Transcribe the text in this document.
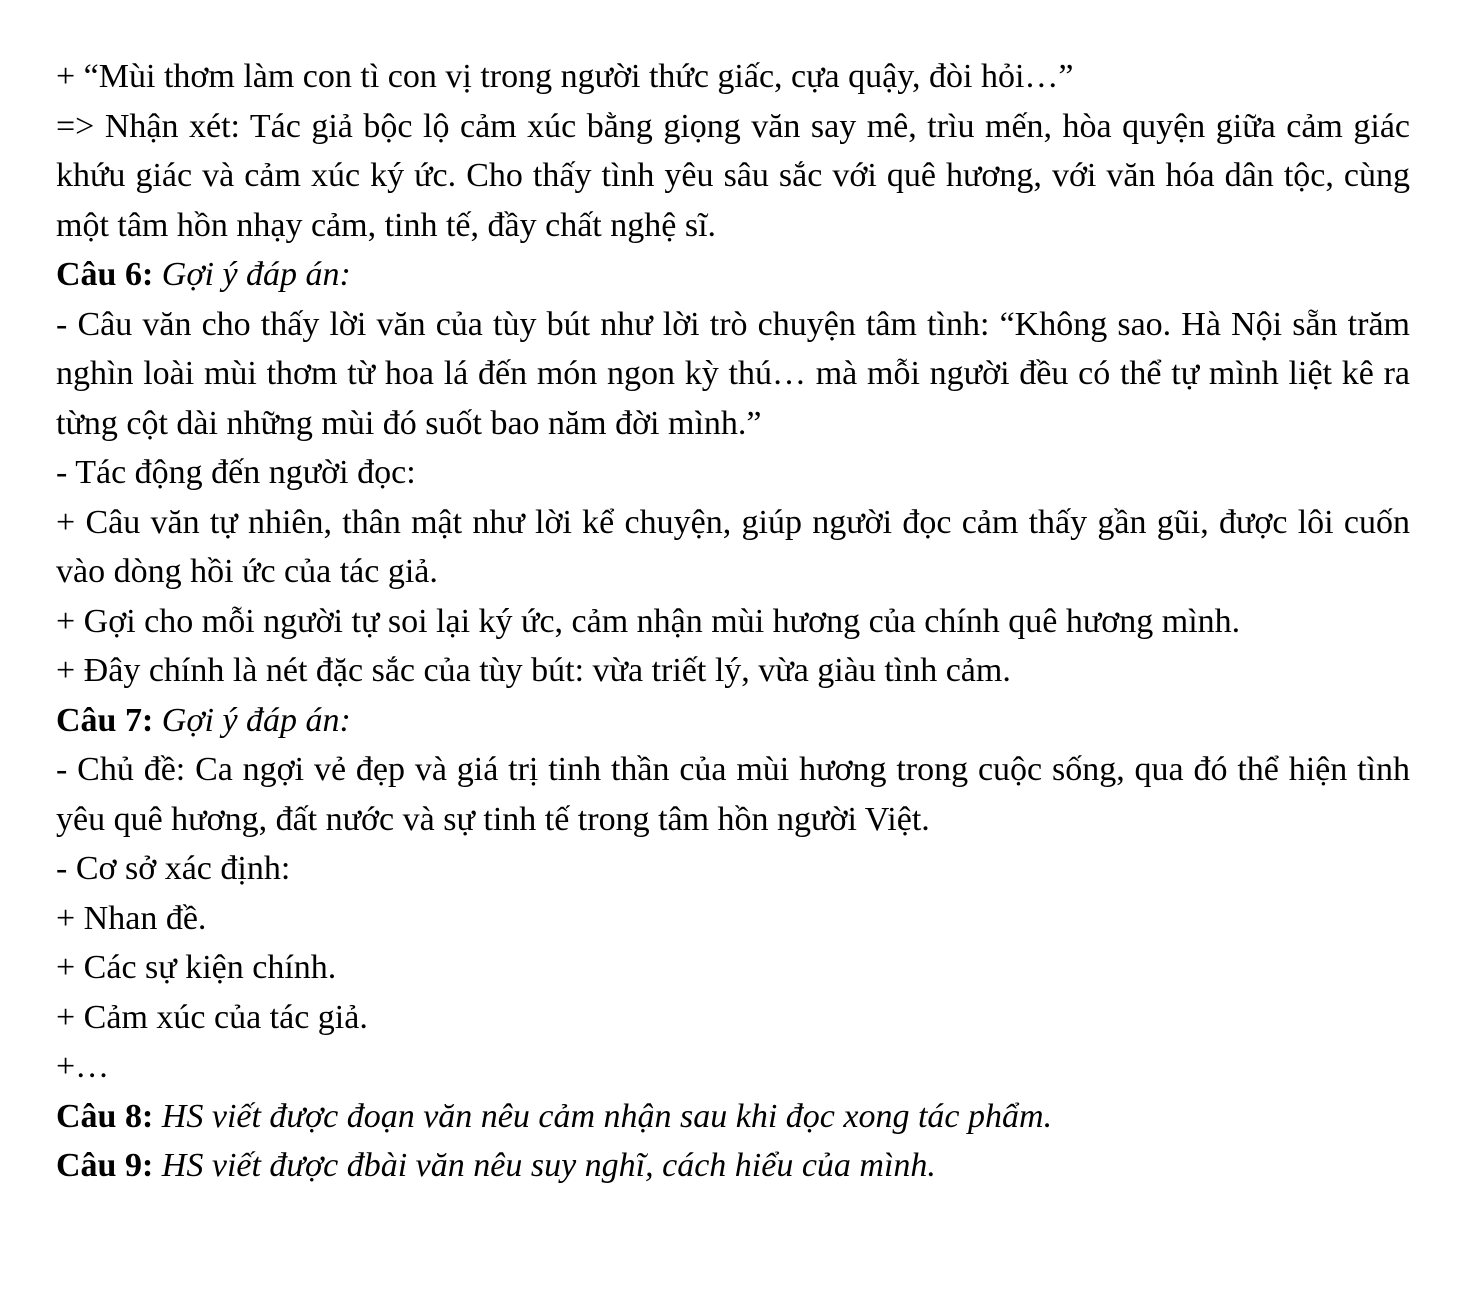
+ “Mùi thơm làm con tì con vị trong người thức giấc, cựa quậy, đòi hỏi…”

=> Nhận xét: Tác giả bộc lộ cảm xúc bằng giọng văn say mê, trìu mến, hòa quyện giữa cảm giác khứu giác và cảm xúc ký ức. Cho thấy tình yêu sâu sắc với quê hương, với văn hóa dân tộc, cùng một tâm hồn nhạy cảm, tinh tế, đầy chất nghệ sĩ.

Câu 6: Gợi ý đáp án:

- Câu văn cho thấy lời văn của tùy bút như lời trò chuyện tâm tình: “Không sao. Hà Nội sẵn trăm nghìn loài mùi thơm từ hoa lá đến món ngon kỳ thú… mà mỗi người đều có thể tự mình liệt kê ra từng cột dài những mùi đó suốt bao năm đời mình.”

- Tác động đến người đọc:

+ Câu văn tự nhiên, thân mật như lời kể chuyện, giúp người đọc cảm thấy gần gũi, được lôi cuốn vào dòng hồi ức của tác giả.

+ Gợi cho mỗi người tự soi lại ký ức, cảm nhận mùi hương của chính quê hương mình.

+ Đây chính là nét đặc sắc của tùy bút: vừa triết lý, vừa giàu tình cảm.

Câu 7: Gợi ý đáp án:

- Chủ đề: Ca ngợi vẻ đẹp và giá trị tinh thần của mùi hương trong cuộc sống, qua đó thể hiện tình yêu quê hương, đất nước và sự tinh tế trong tâm hồn người Việt.

- Cơ sở xác định:

+ Nhan đề.

+ Các sự kiện chính.

+ Cảm xúc của tác giả.

+…

Câu 8: HS viết được đoạn văn nêu cảm nhận sau khi đọc xong tác phẩm.

Câu 9: HS viết được đbài văn nêu suy nghĩ, cách hiểu của mình.
